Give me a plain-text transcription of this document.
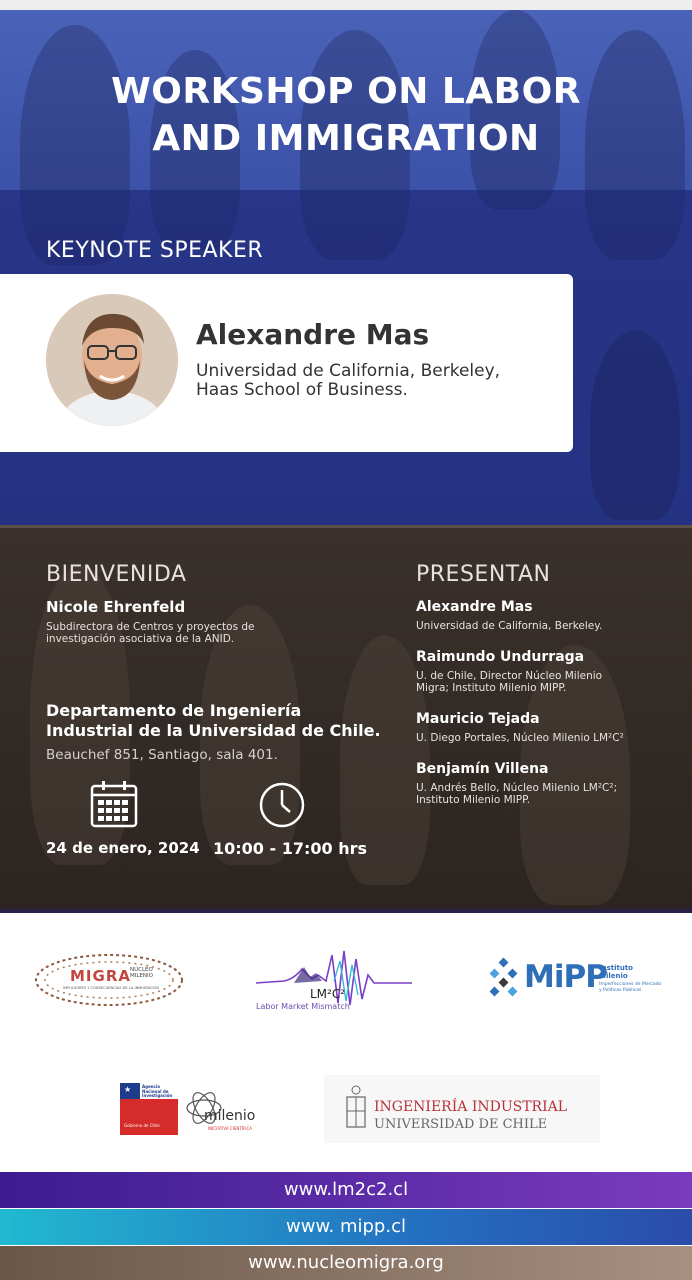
WORKSHOP ON LABOR
AND IMMIGRATION

KEYNOTE SPEAKER

Alexandre Mas

Universidad de California, Berkeley,
Haas School of Business.

BIENVENIDA

Nicole Ehrenfeld

Subdirectora de Centros y proyectos de
investigación asociativa de la ANID.

Departamento de Ingeniería
Industrial de la Universidad de Chile.

Beauchef 851, Santiago, sala 401.

24 de enero, 2024 10:00 - 17:00 hrs

PRESENTAN

Alexandre Mas

Universidad de California, Berkeley.

Raimundo Undurraga

U. de Chile, Director Núcleo Milenio
Migra; Instituto Milenio MIPP.

Mauricio Tejada

U. Diego Portales, Núcleo Milenio LM²C²

Benjamín Villena

U. Andrés Bello, Núcleo Milenio LM²C²;
Instituto Milenio MIPP.

MIGRA NÚCLEO
MILENIO
IMPULSORES Y CONSECUENCIAS DE LA INMIGRACIÓN	LM²C²
Labor Market Mismatch
MiPP
Instituto
Milenio
Imperfecciones de Mercado
y Políticas Públicas
★	Agencia
Nacional de
Investigación
Gobierno de Chile
milenio
INICIATIVA CIENTÍFICA
INGENIERÍA INDUSTRIAL
UNIVERSIDAD DE CHILE
www.lm2c2.cl
www. mipp.cl
www.nucleomigra.org
